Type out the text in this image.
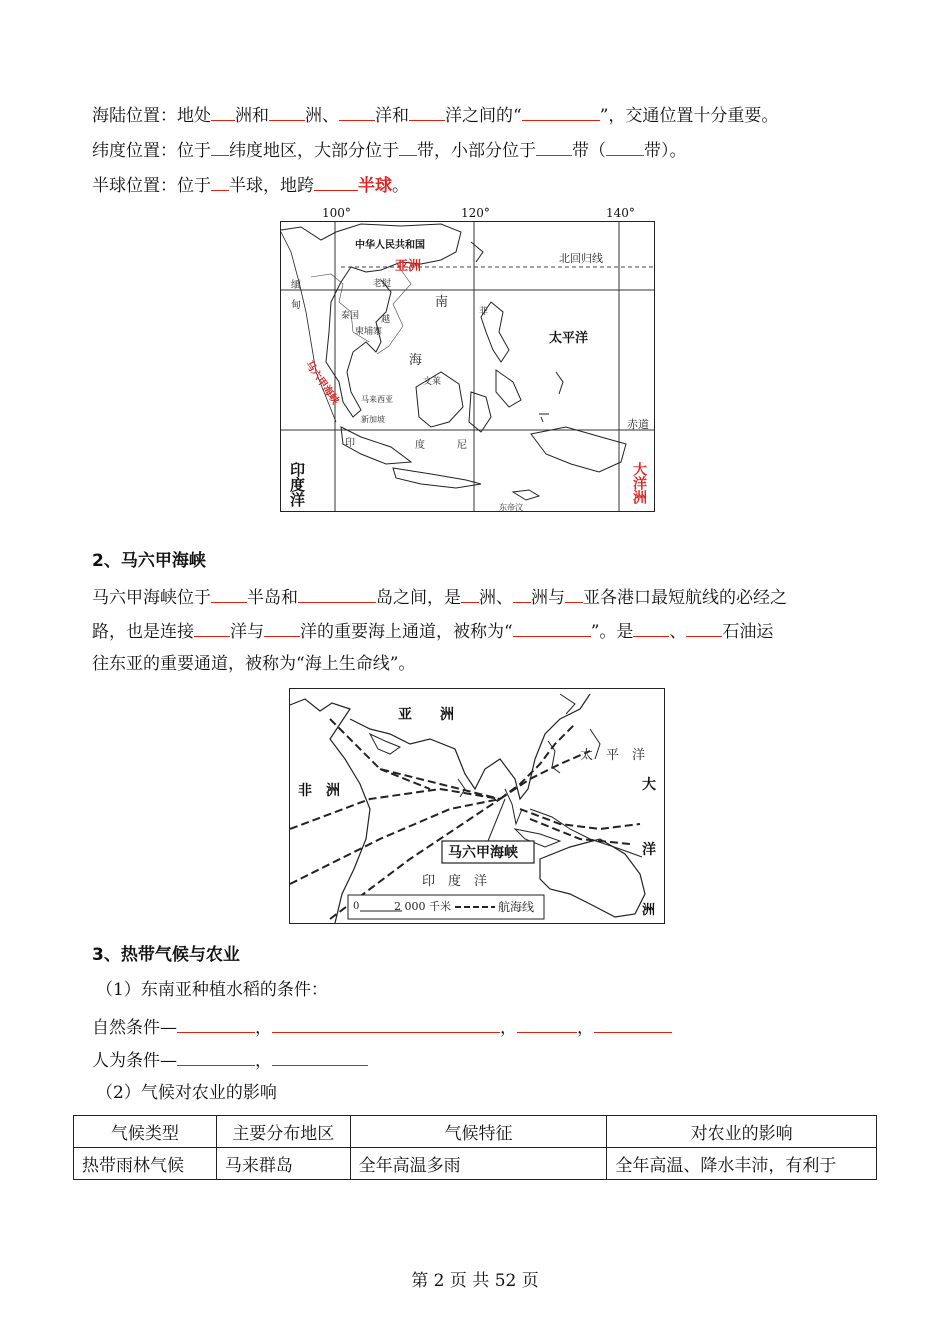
海陆位置：地处 洲和 洲、 洋和 洋之间的“	”，交通位置十分重要。
纬度位置：位于 纬度地区，大部分位于 带，小部分位于 带（ 带）。
半球位置：位于 半球，地跨	半球。
中华人民共和国
亚洲
北回归线
南
海
太平洋
赤道
马六甲海峡
缅
甸
泰国
柬埔寨
老挝
越
菲
文莱
新加坡
马来西亚
印	度	尼
东帝汶
印度洋	大洋洲
100°	120°	140°
2、马六甲海峡
马六甲海峡位于 半岛和	岛之间，是 洲、 洲与 亚各港口最短航线的必经之
路，也是连接 洋与 洋的重要海上通道，被称为“	”。是 、 石油运
往东亚的重要通道，被称为“海上生命线”。
亚　　洲
非　洲
太　平　洋
大
洋
洲
马六甲海峡
印　度　洋
0	2 000 千米	航海线
3、热带气候与农业
（1）东南亚种植水稻的条件：
自然条件—	，	，	，
人为条件—	，
（2）气候对农业的影响
气候类型	主要分布地区	气候特征	对农业的影响
热带雨林气候	马来群岛	全年高温多雨	全年高温、降水丰沛，有利于
第 2 页 共 52 页
